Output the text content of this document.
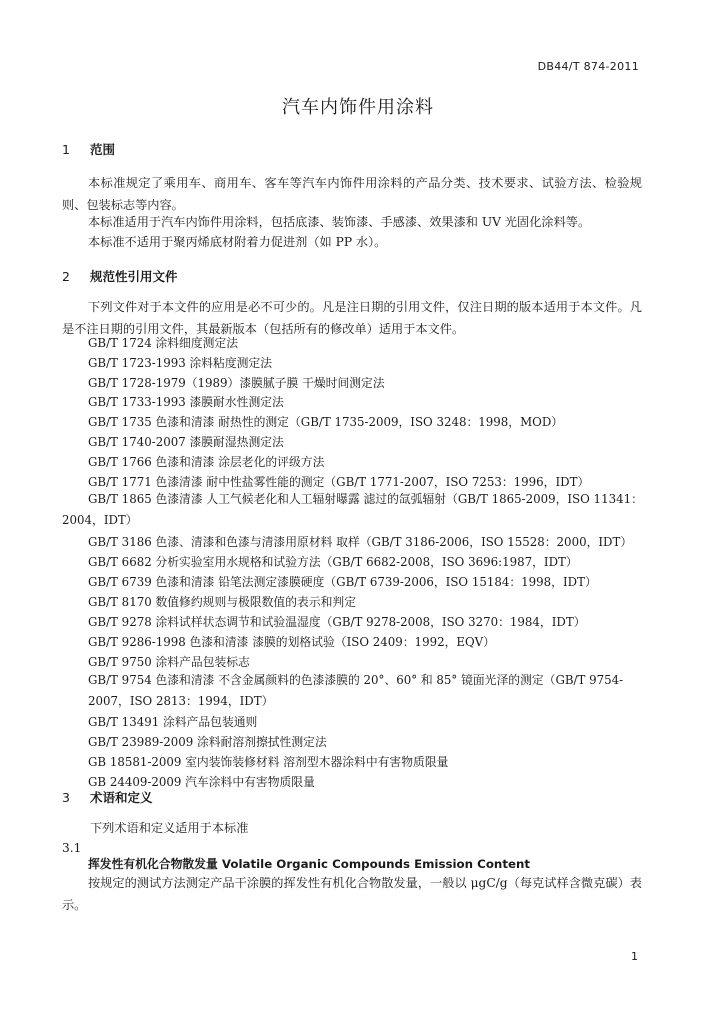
DB44/T 874-2011
汽车内饰件用涂料
1 范围
本标准规定了乘用车、商用车、客车等汽车内饰件用涂料的产品分类、技术要求、试验方法、检验规则、包装标志等内容。
本标准适用于汽车内饰件用涂料，包括底漆、装饰漆、手感漆、效果漆和 UV 光固化涂料等。
本标准不适用于聚丙烯底材附着力促进剂（如 PP 水）。
2 规范性引用文件
下列文件对于本文件的应用是必不可少的。凡是注日期的引用文件，仅注日期的版本适用于本文件。凡是不注日期的引用文件，其最新版本（包括所有的修改单）适用于本文件。
GB/T 1724 涂料细度测定法
GB/T 1723-1993 涂料粘度测定法
GB/T 1728-1979（1989）漆膜腻子膜 干燥时间测定法
GB/T 1733-1993 漆膜耐水性测定法
GB/T 1735 色漆和清漆 耐热性的测定（GB/T 1735-2009，ISO 3248：1998，MOD）
GB/T 1740-2007 漆膜耐湿热测定法
GB/T 1766 色漆和清漆 涂层老化的评级方法
GB/T 1771 色漆清漆 耐中性盐雾性能的测定（GB/T 1771-2007，ISO 7253：1996，IDT）
GB/T 1865 色漆清漆 人工气候老化和人工辐射曝露 滤过的氙弧辐射（GB/T 1865-2009，ISO 11341：2004，IDT）
GB/T 3186 色漆、清漆和色漆与清漆用原材料 取样（GB/T 3186-2006，ISO 15528：2000，IDT）
GB/T 6682 分析实验室用水规格和试验方法（GB/T 6682-2008，ISO 3696:1987，IDT）
GB/T 6739 色漆和清漆 铅笔法测定漆膜硬度（GB/T 6739-2006，ISO 15184：1998，IDT）
GB/T 8170 数值修约规则与极限数值的表示和判定
GB/T 9278 涂料试样状态调节和试验温湿度（GB/T 9278-2008，ISO 3270：1984，IDT）
GB/T 9286-1998 色漆和清漆 漆膜的划格试验（ISO 2409：1992，EQV）
GB/T 9750 涂料产品包装标志
GB/T 9754 色漆和清漆 不含金属颜料的色漆漆膜的 20°、60° 和 85° 镜面光泽的测定（GB/T 9754-2007，ISO 2813：1994，IDT）
GB/T 13491 涂料产品包装通则
GB/T 23989-2009 涂料耐溶剂擦拭性测定法
GB 18581-2009 室内装饰装修材料 溶剂型木器涂料中有害物质限量
GB 24409-2009 汽车涂料中有害物质限量
3 术语和定义
下列术语和定义适用于本标准
3.1
挥发性有机化合物散发量 Volatile Organic Compounds Emission Content
按规定的测试方法测定产品干涂膜的挥发性有机化合物散发量，一般以 μgC/g（每克试样含微克碳）表示。
1
